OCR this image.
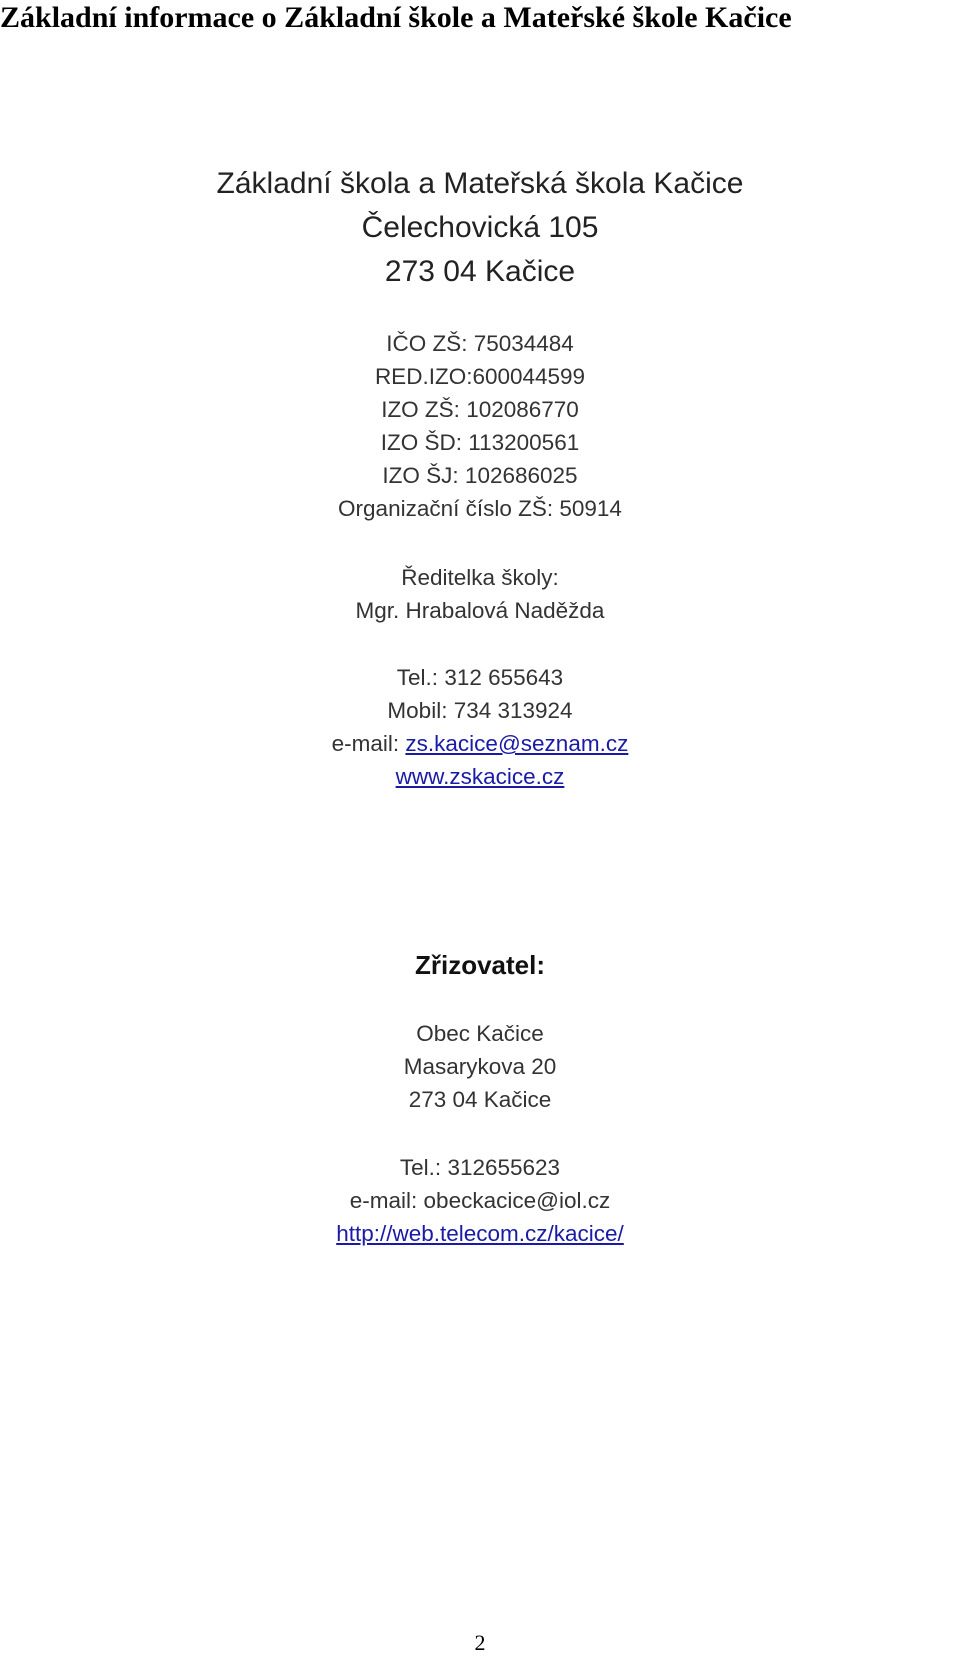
Základní informace o Základní škole a Mateřské škole Kačice
Základní škola a Mateřská škola Kačice
Čelechovická 105
273 04 Kačice
IČO ZŠ: 75034484
RED.IZO:600044599
IZO ZŠ: 102086770
IZO ŠD: 113200561
IZO ŠJ: 102686025
Organizační číslo ZŠ: 50914
Ředitelka školy:
Mgr. Hrabalová Naděžda
Tel.: 312 655643
Mobil: 734 313924
e-mail: zs.kacice@seznam.cz
www.zskacice.cz
Zřizovatel:
Obec Kačice
Masarykova 20
273 04 Kačice
Tel.: 312655623
e-mail: obeckacice@iol.cz
http://web.telecom.cz/kacice/
2
